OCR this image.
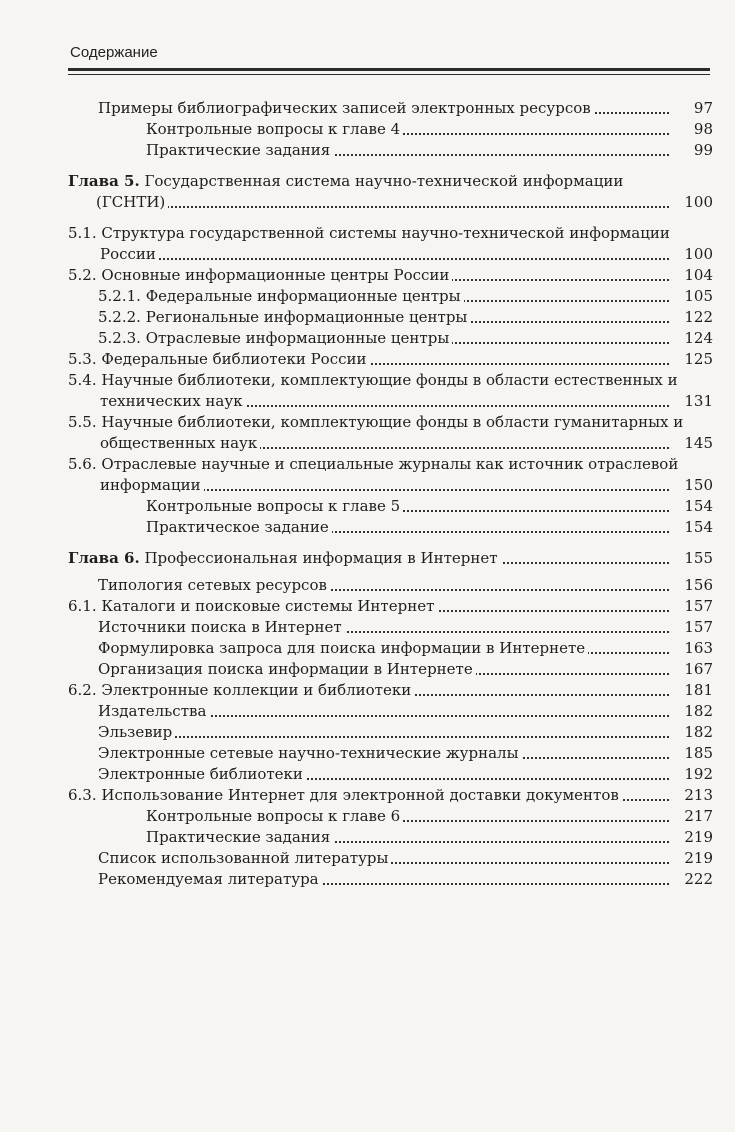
Содержание
Примеры библиографических записей электронных ресурсов	97
Контрольные вопросы к главе 4	98
Практические задания	99
Глава 5. Государственная система научно-технической информации
(ГСНТИ)	100
5.1. Структура государственной системы научно-технической информации
России	100
5.2. Основные информационные центры России	104
5.2.1. Федеральные информационные центры	105
5.2.2. Региональные информационные центры	122
5.2.3. Отраслевые информационные центры	124
5.3. Федеральные библиотеки России	125
5.4. Научные библиотеки, комплектующие фонды в области естественных и
технических наук	131
5.5. Научные библиотеки, комплектующие фонды в области гуманитарных и
общественных наук	145
5.6. Отраслевые научные и специальные журналы как источник отраслевой
информации	150
Контрольные вопросы к главе 5	154
Практическое задание	154
Глава 6. Профессиональная информация в Интернет	155
Типология сетевых ресурсов	156
6.1. Каталоги и поисковые системы Интернет	157
Источники поиска в Интернет	157
Формулировка запроса для поиска информации в Интернете	163
Организация поиска информации в Интернете	167
6.2. Электронные коллекции и библиотеки	181
Издательства	182
Эльзевир	182
Электронные сетевые научно-технические журналы	185
Электронные библиотеки	192
6.3. Использование Интернет для электронной доставки документов	213
Контрольные вопросы к главе 6	217
Практические задания	219
Список использованной литературы	219
Рекомендуемая литература	222
